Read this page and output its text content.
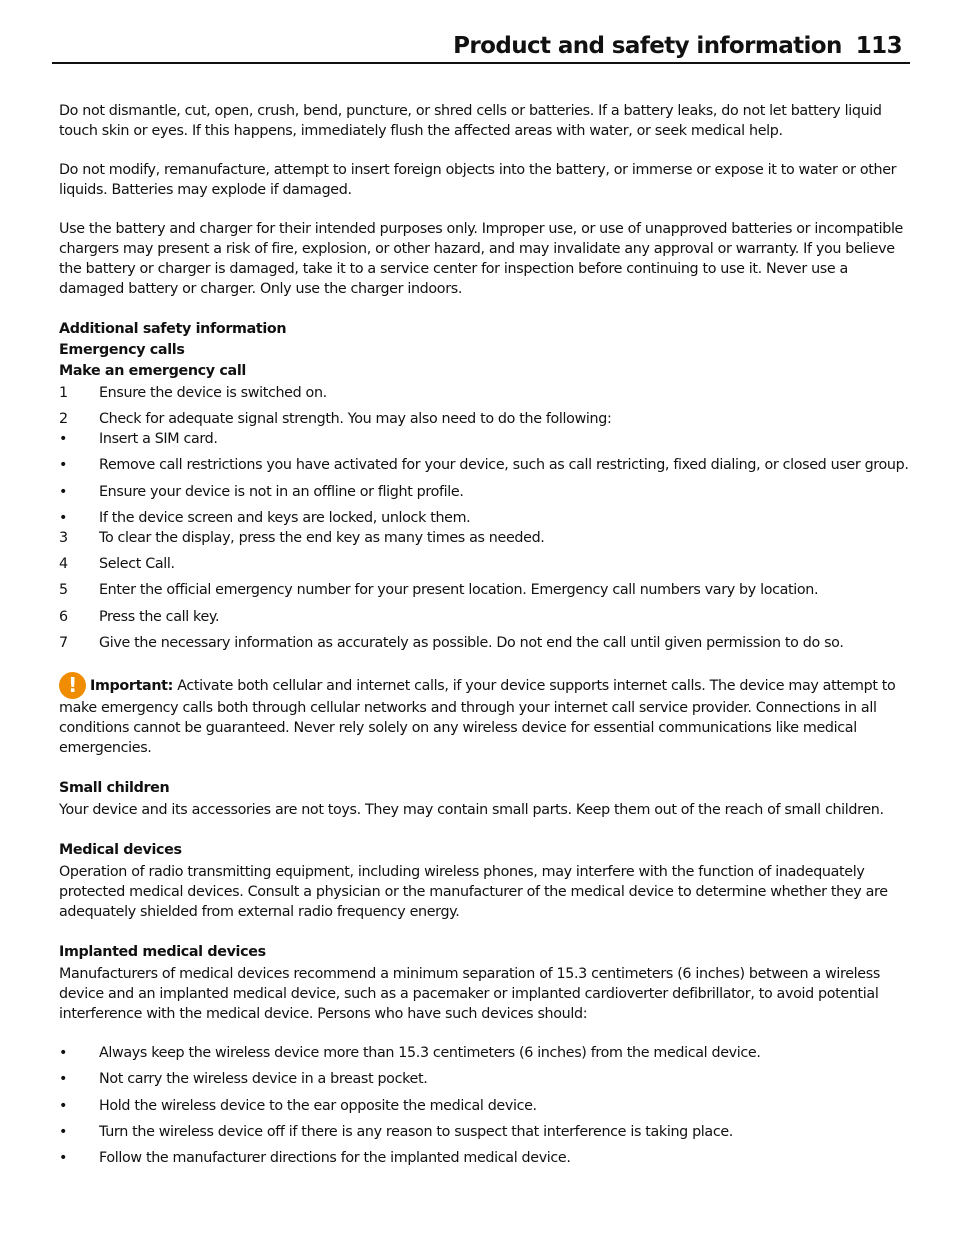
Product and safety information 113

Do not dismantle, cut, open, crush, bend, puncture, or shred cells or batteries. If a battery leaks, do not let battery liquid touch skin or eyes. If this happens, immediately flush the affected areas with water, or seek medical help.

Do not modify, remanufacture, attempt to insert foreign objects into the battery, or immerse or expose it to water or other liquids. Batteries may explode if damaged.

Use the battery and charger for their intended purposes only. Improper use, or use of unapproved batteries or incompatible chargers may present a risk of fire, explosion, or other hazard, and may invalidate any approval or warranty. If you believe the battery or charger is damaged, take it to a service center for inspection before continuing to use it. Never use a damaged battery or charger. Only use the charger indoors.

Additional safety information

Emergency calls

Make an emergency call

1 Ensure the device is switched on.
2 Check for adequate signal strength. You may also need to do the following:
• Insert a SIM card.
• Remove call restrictions you have activated for your device, such as call restricting, fixed dialing, or closed user group.
• Ensure your device is not in an offline or flight profile.
• If the device screen and keys are locked, unlock them.
3 To clear the display, press the end key as many times as needed.
4 Select Call.
5 Enter the official emergency number for your present location. Emergency call numbers vary by location.
6 Press the call key.
7 Give the necessary information as accurately as possible. Do not end the call until given permission to do so.

! Important: Activate both cellular and internet calls, if your device supports internet calls. The device may attempt to make emergency calls both through cellular networks and through your internet call service provider. Connections in all conditions cannot be guaranteed. Never rely solely on any wireless device for essential communications like medical emergencies.

Small children

Your device and its accessories are not toys. They may contain small parts. Keep them out of the reach of small children.

Medical devices

Operation of radio transmitting equipment, including wireless phones, may interfere with the function of inadequately protected medical devices. Consult a physician or the manufacturer of the medical device to determine whether they are adequately shielded from external radio frequency energy.

Implanted medical devices

Manufacturers of medical devices recommend a minimum separation of 15.3 centimeters (6 inches) between a wireless device and an implanted medical device, such as a pacemaker or implanted cardioverter defibrillator, to avoid potential interference with the medical device. Persons who have such devices should:

• Always keep the wireless device more than 15.3 centimeters (6 inches) from the medical device.
• Not carry the wireless device in a breast pocket.
• Hold the wireless device to the ear opposite the medical device.
• Turn the wireless device off if there is any reason to suspect that interference is taking place.
• Follow the manufacturer directions for the implanted medical device.
